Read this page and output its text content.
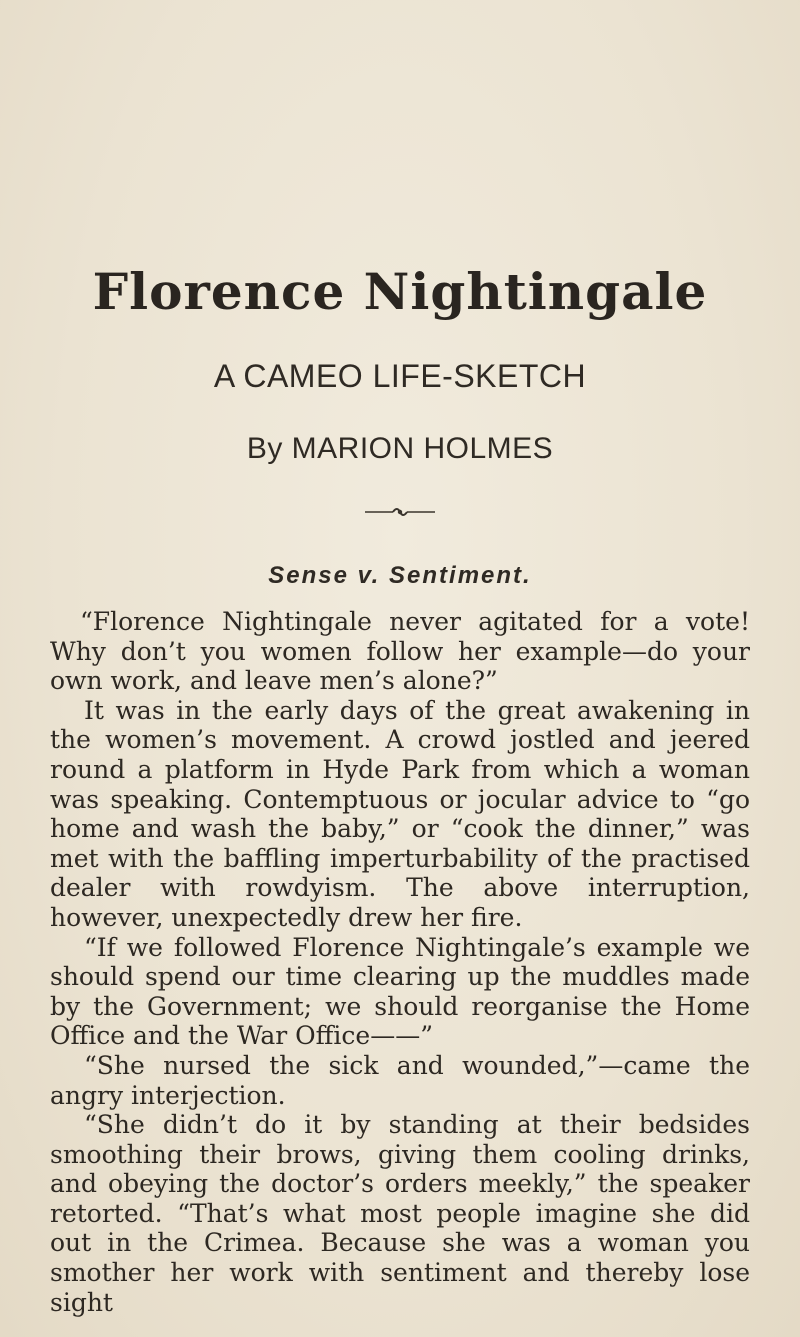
Florence Nightingale
A CAMEO LIFE-SKETCH
By MARION HOLMES
Sense v. Sentiment.

“Florence Nightingale never agitated for a vote! Why don’t you women follow her example—do your own work, and leave men’s alone?”

It was in the early days of the great awakening in the women’s movement. A crowd jostled and jeered round a platform in Hyde Park from which a woman was speaking. Contemptuous or jocular advice to “go home and wash the baby,” or “cook the dinner,” was met with the baffling imperturbability of the practised dealer with rowdyism. The above interruption, however, unexpectedly drew her fire.

“If we followed Florence Nightingale’s example we should spend our time clearing up the muddles made by the Government; we should reorganise the Home Office and the War Office——”

“She nursed the sick and wounded,”—came the angry interjection.

“She didn’t do it by standing at their bedsides smoothing their brows, giving them cooling drinks, and obeying the doctor’s orders meekly,” the speaker retorted. “That’s what most people imagine she did out in the Crimea. Because she was a woman you smother her work with sentiment and thereby lose sight
